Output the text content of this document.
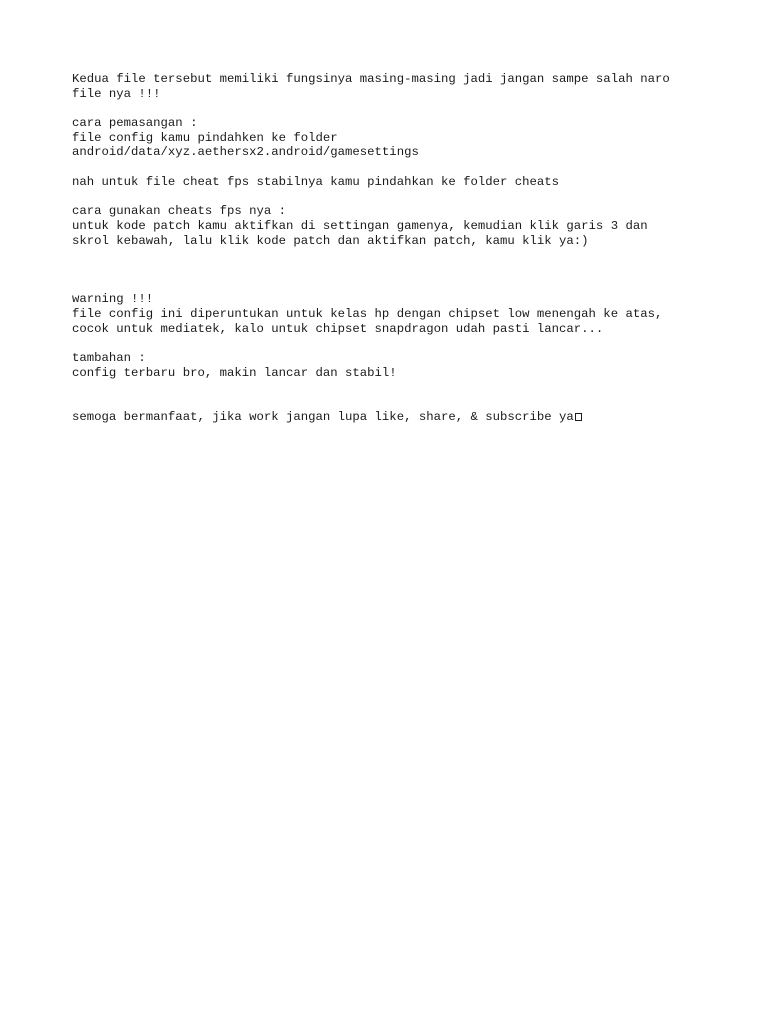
Kedua file tersebut memiliki fungsinya masing-masing jadi jangan sampe salah naro
file nya !!!
cara pemasangan :
file config kamu pindahken ke folder
android/data/xyz.aethersx2.android/gamesettings
nah untuk file cheat fps stabilnya kamu pindahkan ke folder cheats
cara gunakan cheats fps nya :
untuk kode patch kamu aktifkan di settingan gamenya, kemudian klik garis 3 dan
skrol kebawah, lalu klik kode patch dan aktifkan patch, kamu klik ya:)
warning !!!
file config ini diperuntukan untuk kelas hp dengan chipset low menengah ke atas,
cocok untuk mediatek, kalo untuk chipset snapdragon udah pasti lancar...
tambahan :
config terbaru bro, makin lancar dan stabil!
semoga bermanfaat, jika work jangan lupa like, share, & subscribe ya
